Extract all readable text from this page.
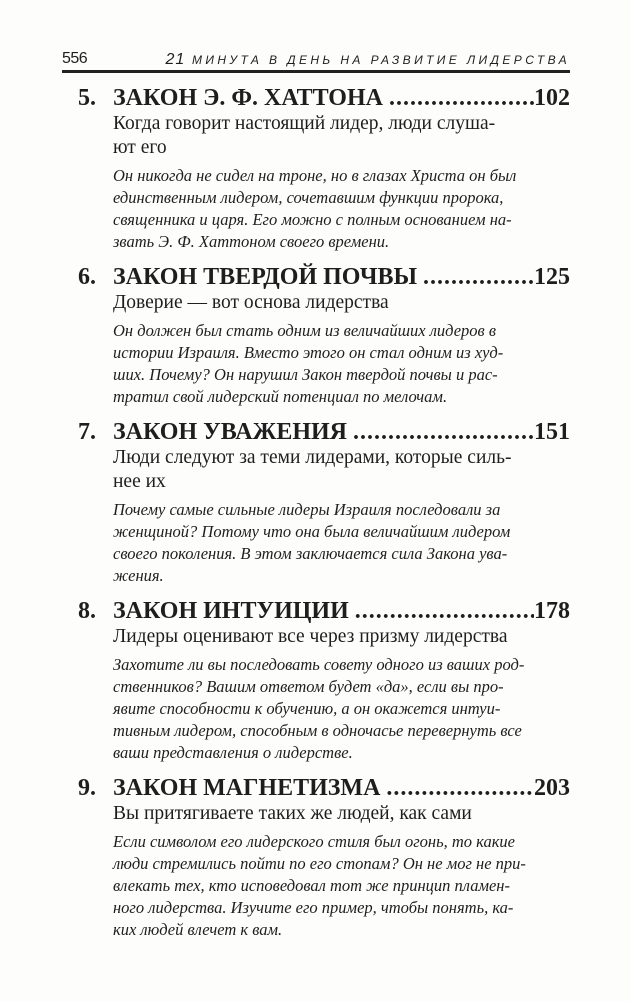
556	21 МИНУТА В ДЕНЬ НА РАЗВИТИЕ ЛИДЕРСТВА
5. ЗАКОН Э. Ф. ХАТТОНА .....	102
Когда говорит настоящий лидер, люди слуша-
ют его
Он никогда не сидел на троне, но в глазах Христа он был
единственным лидером, сочетавшим функции пророка,
священника и царя. Его можно с полным основанием на-
звать Э. Ф. Хаттоном своего времени.
6. ЗАКОН ТВЕРДОЙ ПОЧВЫ .....	125
Доверие — вот основа лидерства
Он должен был стать одним из величайших лидеров в
истории Израиля. Вместо этого он стал одним из худ-
ших. Почему? Он нарушил Закон твердой почвы и рас-
тратил свой лидерский потенциал по мелочам.
7. ЗАКОН УВАЖЕНИЯ .....	151
Люди следуют за теми лидерами, которые силь-
нее их
Почему самые сильные лидеры Израиля последовали за
женщиной? Потому что она была величайшим лидером
своего поколения. В этом заключается сила Закона ува-
жения.
8. ЗАКОН ИНТУИЦИИ .....	178
Лидеры оценивают все через призму лидерства
Захотите ли вы последовать совету одного из ваших род-
ственников? Вашим ответом будет «да», если вы про-
явите способности к обучению, а он окажется интуи-
тивным лидером, способным в одночасье перевернуть все
ваши представления о лидерстве.
9. ЗАКОН МАГНЕТИЗМА .....	203
Вы притягиваете таких же людей, как сами
Если символом его лидерского стиля был огонь, то какие
люди стремились пойти по его стопам? Он не мог не при-
влекать тех, кто исповедовал тот же принцип пламен-
ного лидерства. Изучите его пример, чтобы понять, ка-
ких людей влечет к вам.
